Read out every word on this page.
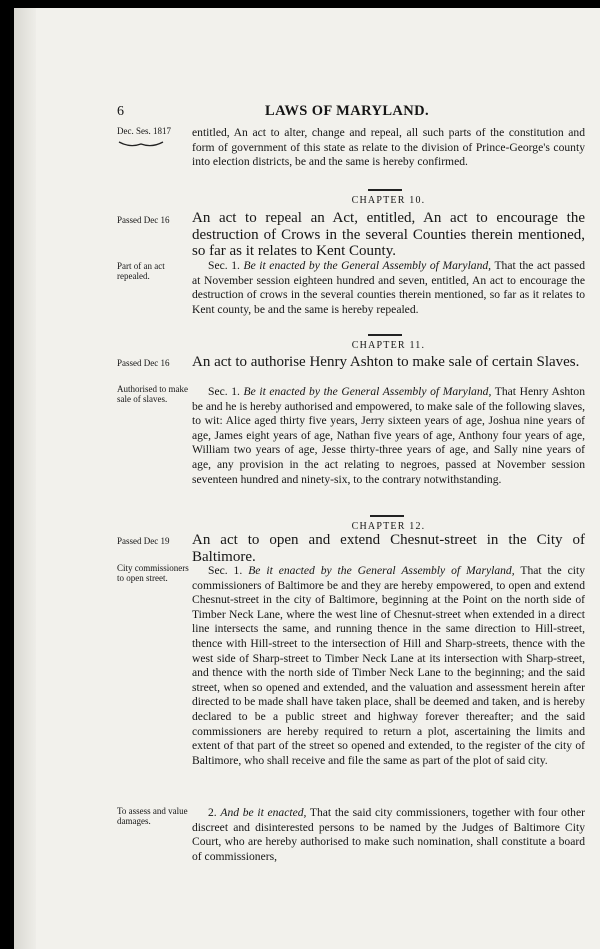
6	LAWS OF MARYLAND.
Dec. Ses. 1817	entitled, An act to alter, change and repeal, all such parts of the constitution and form of government of this state as relate to the division of Prince-George's county into election districts, be and the same is hereby confirmed.

CHAPTER 10.
Passed Dec 16	An act to repeal an Act, entitled, An act to encourage the destruction of Crows in the several Counties therein mentioned, so far as it relates to Kent County.
Part of an act repealed.

Sec. 1. Be it enacted by the General Assembly of Maryland, That the act passed at November session eighteen hundred and seven, entitled, An act to encourage the destruction of crows in the several counties therein mentioned, so far as it relates to Kent county, be and the same is hereby repealed.

CHAPTER 11.
Passed Dec 16	An act to authorise Henry Ashton to make sale of certain Slaves.
Authorised to make sale of slaves.

Sec. 1. Be it enacted by the General Assembly of Maryland, That Henry Ashton be and he is hereby authorised and empowered, to make sale of the following slaves, to wit: Alice aged thirty five years, Jerry sixteen years of age, Joshua nine years of age, James eight years of age, Nathan five years of age, Anthony four years of age, William two years of age, Jesse thirty-three years of age, and Sally nine years of age, any provision in the act relating to negroes, passed at November session seventeen hundred and ninety-six, to the contrary notwithstanding.

CHAPTER 12.
Passed Dec 19	An act to open and extend Chesnut-street in the City of Baltimore.
City commissioners to open street.

Sec. 1. Be it enacted by the General Assembly of Maryland, That the city commissioners of Baltimore be and they are hereby empowered, to open and extend Chesnut-street in the city of Baltimore, beginning at the Point on the north side of Timber Neck Lane, where the west line of Chesnut-street when extended in a direct line intersects the same, and running thence in the same direction to Hill-street, thence with Hill-street to the intersection of Hill and Sharp-streets, thence with the west side of Sharp-street to Timber Neck Lane at its intersection with Sharp-street, and thence with the north side of Timber Neck Lane to the beginning; and the said street, when so opened and extended, and the valuation and assessment herein after directed to be made shall have taken place, shall be deemed and taken, and is hereby declared to be a public street and highway forever thereafter; and the said commissioners are hereby required to return a plot, ascertaining the limits and extent of that part of the street so opened and extended, to the register of the city of Baltimore, who shall receive and file the same as part of the plot of said city.

To assess and value damages.

2. And be it enacted, That the said city commissioners, together with four other discreet and disinterested persons to be named by the Judges of Baltimore City Court, who are hereby authorised to make such nomination, shall constitute a board of commissioners,
